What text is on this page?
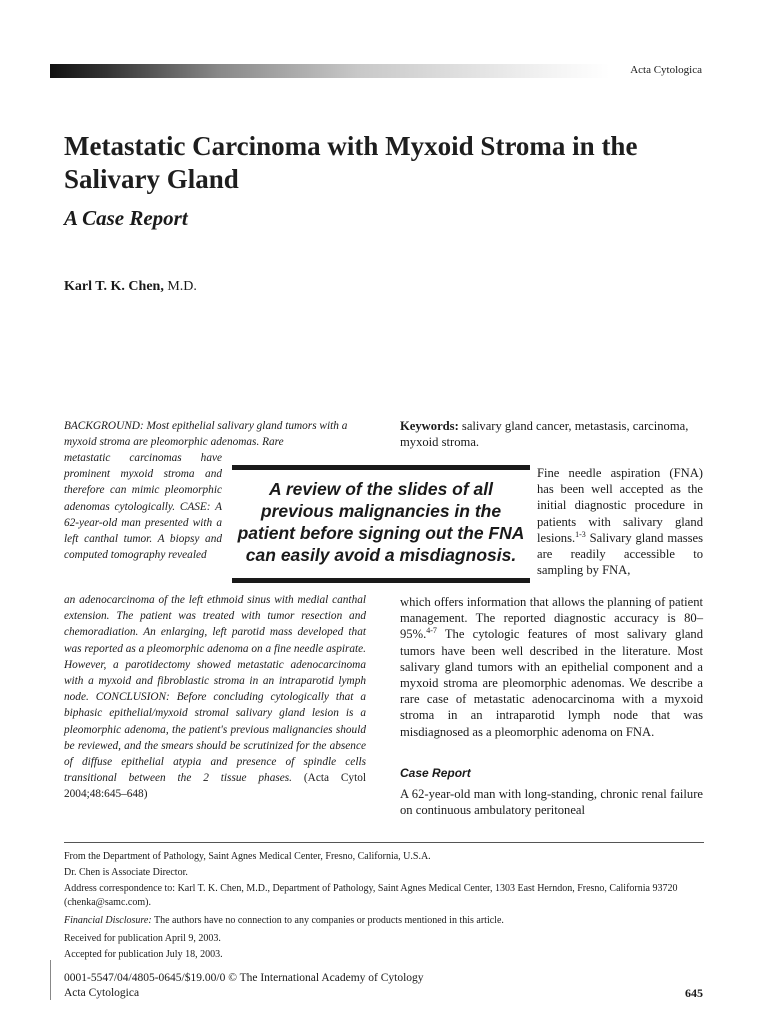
Acta Cytologica
Metastatic Carcinoma with Myxoid Stroma in the Salivary Gland
A Case Report
Karl T. K. Chen, M.D.
BACKGROUND: Most epithelial salivary gland tumors with a myxoid stroma are pleomorphic adenomas. Rare
metastatic carcinomas have prominent myxoid stroma and therefore can mimic pleomorphic adenomas cytologically. CASE: A 62-year-old man presented with a left canthal tumor. A biopsy and computed tomography revealed
an adenocarcinoma of the left ethmoid sinus with medial canthal extension. The patient was treated with tumor resection and chemoradiation. An enlarging, left parotid mass developed that was reported as a pleomorphic adenoma on a fine needle aspirate. However, a parotidectomy showed metastatic adenocarcinoma with a myxoid and fibroblastic stroma in an intraparotid lymph node. CONCLUSION: Before concluding cytologically that a biphasic epithelial/myxoid stromal salivary gland lesion is a pleomorphic adenoma, the patient's previous malignancies should be reviewed, and the smears should be scrutinized for the absence of diffuse epithelial atypia and presence of spindle cells transitional between the 2 tissue phases. (Acta Cytol 2004;48:645–648)
Keywords: salivary gland cancer, metastasis, carcinoma, myxoid stroma.
A review of the slides of all previous malignancies in the patient before signing out the FNA can easily avoid a misdiagnosis.
Fine needle aspiration (FNA) has been well accepted as the initial diagnostic procedure in patients with salivary gland lesions.$^{1-3}$ Salivary gland masses are readily accessible to sampling by FNA,
which offers information that allows the planning of patient management. The reported diagnostic accuracy is 80–95%.$^{4-7}$ The cytologic features of most salivary gland tumors have been well described in the literature. Most salivary gland tumors with an epithelial component and a myxoid stroma are pleomorphic adenomas. We describe a rare case of metastatic adenocarcinoma with a myxoid stroma in an intraparotid lymph node that was misdiagnosed as a pleomorphic adenoma on FNA.
Case Report
A 62-year-old man with long-standing, chronic renal failure on continuous ambulatory peritoneal
From the Department of Pathology, Saint Agnes Medical Center, Fresno, California, U.S.A.
Dr. Chen is Associate Director.
Address correspondence to: Karl T. K. Chen, M.D., Department of Pathology, Saint Agnes Medical Center, 1303 East Herndon, Fresno, California 93720 (chenka@samc.com).
Financial Disclosure: The authors have no connection to any companies or products mentioned in this article.
Received for publication April 9, 2003.
Accepted for publication July 18, 2003.
0001-5547/04/4805-0645/$19.00/0 © The International Academy of Cytology
Acta Cytologica	645
